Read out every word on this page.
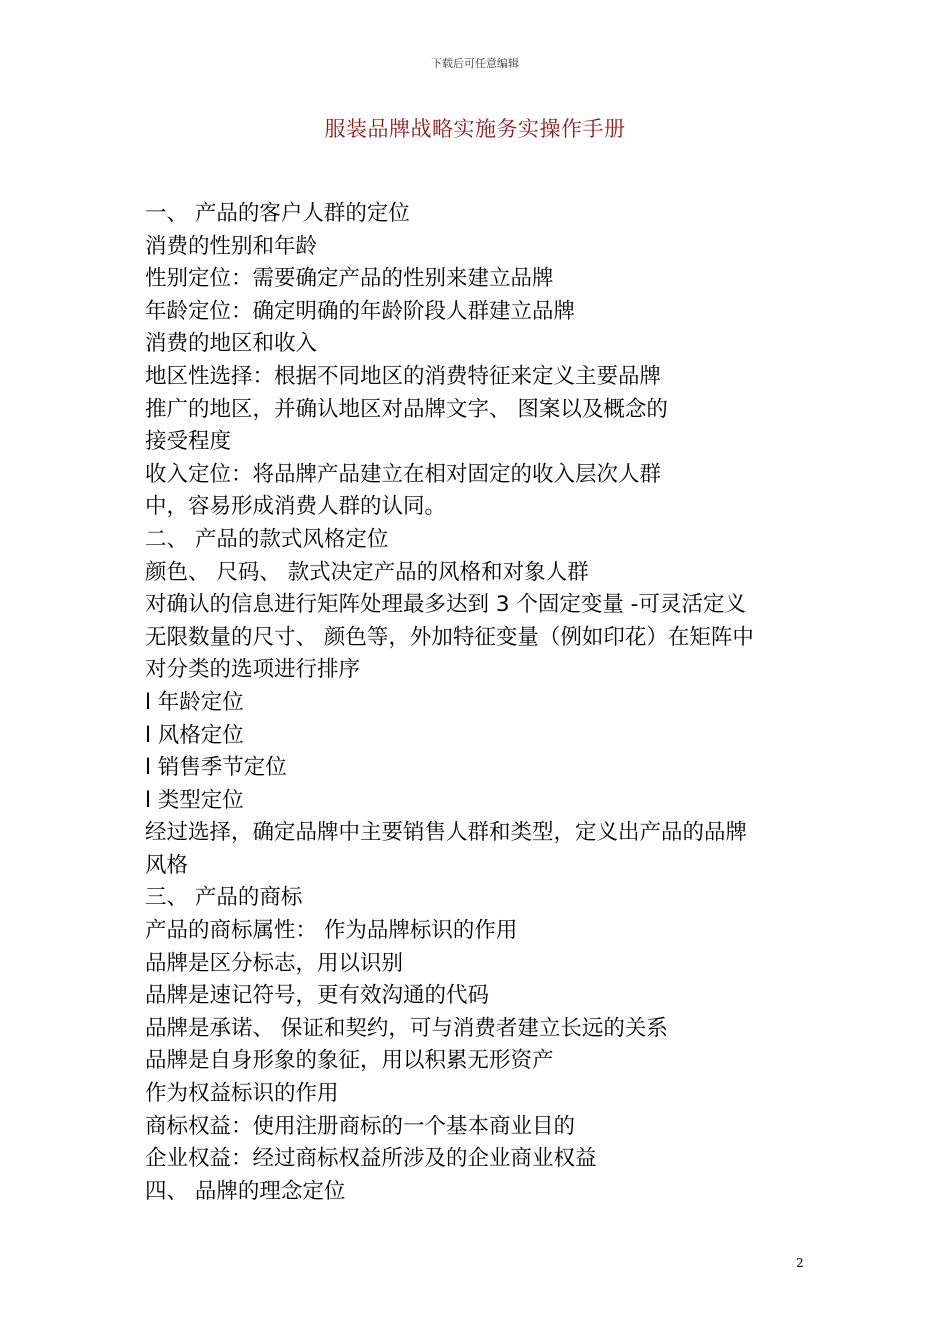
下载后可任意编辑
服装品牌战略实施务实操作手册
一、 产品的客户人群的定位
消费的性别和年龄
性别定位：需要确定产品的性别来建立品牌
年龄定位：确定明确的年龄阶段人群建立品牌
消费的地区和收入
地区性选择：根据不同地区的消费特征来定义主要品牌
推广的地区，并确认地区对品牌文字、 图案以及概念的
接受程度
收入定位：将品牌产品建立在相对固定的收入层次人群
中，容易形成消费人群的认同。
二、 产品的款式风格定位
颜色、 尺码、 款式决定产品的风格和对象人群
对确认的信息进行矩阵处理最多达到 3 个固定变量 -可灵活定义
无限数量的尺寸、 颜色等，外加特征变量（例如印花）在矩阵中
对分类的选项进行排序
l 年龄定位
l 风格定位
l 销售季节定位
l 类型定位
经过选择，确定品牌中主要销售人群和类型，定义出产品的品牌
风格
三、 产品的商标
产品的商标属性： 作为品牌标识的作用
品牌是区分标志，用以识别
品牌是速记符号，更有效沟通的代码
品牌是承诺、 保证和契约，可与消费者建立长远的关系
品牌是自身形象的象征，用以积累无形资产
作为权益标识的作用
商标权益：使用注册商标的一个基本商业目的
企业权益：经过商标权益所涉及的企业商业权益
四、 品牌的理念定位
2
